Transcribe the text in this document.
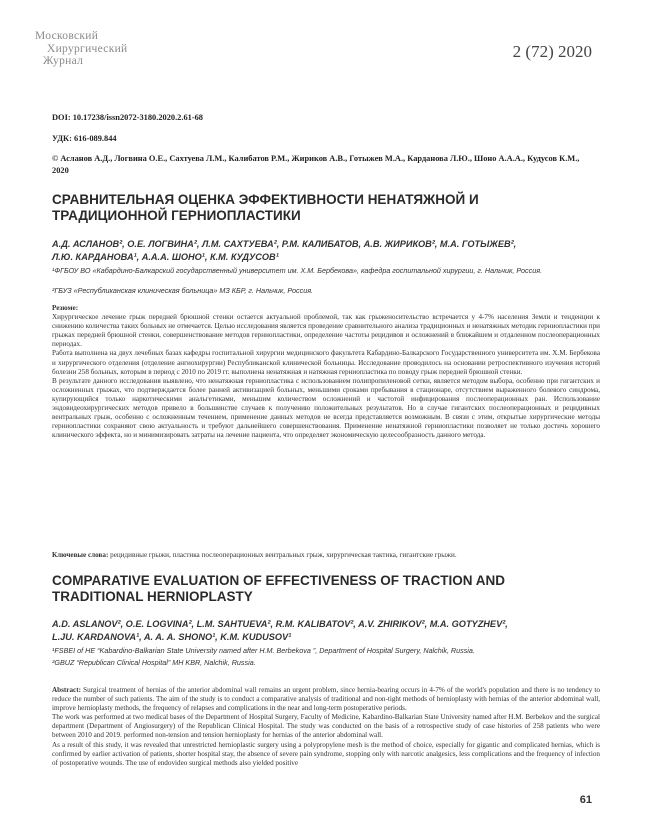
Московский
Хирургический
Журнал	2 (72) 2020
DOI: 10.17238/issn2072-3180.2020.2.61-68
УДК: 616-089.844
© Асланов А.Д., Логвина О.Е., Сахтуева Л.М., Калибатов Р.М., Жириков А.В., Готыжев М.А., Карданова Л.Ю., Шоно А.А.А., Кудусов К.М., 2020
СРАВНИТЕЛЬНАЯ ОЦЕНКА ЭФФЕКТИВНОСТИ НЕНАТЯЖНОЙ И ТРАДИЦИОННОЙ ГЕРНИОПЛАСТИКИ
А.Д. АСЛАНОВ², О.Е. ЛОГВИНА², Л.М. САХТУЕВА², Р.М. КАЛИБАТОВ, А.В. ЖИРИКОВ², М.А. ГОТЫЖЕВ²,
Л.Ю. КАРДАНОВА¹, А.А.А. ШОНО¹, К.М. КУДУСОВ¹
¹ФГБОУ ВО «Кабардино-Балкарский государственный университет им. Х.М. Бербекова», кафедра госпитальной хирургии, г. Нальчик, Россия.
²ГБУЗ «Республиканская клиническая больница» МЗ КБР, г. Нальчик, Россия.

Резюме:

Хирургическое лечение грыж передней брюшной стенки остается актуальной проблемой, так как грыженосительство встречается у 4-7% населения Земли и тенденции к снижению количества таких больных не отмечается. Целью исследования является проведение сравнительного анализа традиционных и ненатяжных методик герниопластики при грыжах передней брюшной стенки, совершенствование методов герниопластики, определение частоты рецидивов и осложнений в ближайшем и отдаленном послеоперационных периодах.

Работа выполнена на двух лечебных базах кафедры госпитальной хирургии медицинского факультета Кабардино-Балкарского Государственного университета им. Х.М. Бербекова и хирургического отделения (отделение ангиохирургии) Республиканской клинической больницы. Исследование проводилось на основании ретроспективного изучения историй болезни 258 больных, которым в период с 2010 по 2019 гг. выполнена ненатяжная и натяжная герниопластика по поводу грыж передней брюшной стенки.

В результате данного исследования выявлено, что ненатяжная герниопластика с использованием полипропиленовой сетки, является методом выбора, особенно при гигантских и осложненных грыжах, что подтверждается более ранней активизацией больных, меньшими сроками пребывания в стационаре, отсутствием выраженного болевого синдрома, купирующийся только наркотическими анальгетиками, меньшим количеством осложнений и частотой инфицирования послеоперационных ран. Использование эндовидеохирургических методов привело в большинстве случаев к получению положительных результатов. Но в случае гигантских послеоперационных и рецидивных вентральных грыж, особенно с осложненным течением, применение данных методов не всегда представляется возможным. В связи с этим, открытые хирургические методы герниопластики сохраняют свою актуальность и требуют дальнейшего совершенствования. Применение ненатяжной герниопластики позволяет не только достичь хорошего клинического эффекта, но и минимизировать затраты на лечение пациента, что определяет экономическую целесообразность данного метода.

Ключевые слова: рецидивные грыжи, пластика послеоперационных вентральных грыж, хирургическая тактика, гигантские грыжи.
COMPARATIVE EVALUATION OF EFFECTIVENESS OF TRACTION AND TRADITIONAL HERNIOPLASTY
A.D. ASLANOV², O.E. LOGVINA², L.M. SAHTUEVA², R.M. KALIBATOV², A.V. ZHIRIKOV², M.A. GOTYZHEV²,
L.JU. KARDANOVA¹, A. A. A. SHONO¹, K.M. KUDUSOV¹
¹FSBEI of HE “Kabardino-Balkarian State University named after H.M. Berbekova ”, Department of Hospital Surgery, Nalchik, Russia.
²GBUZ “Republican Clinical Hospital” MH KBR, Nalchik, Russia.

Abstract: Surgical treatment of hernias of the anterior abdominal wall remains an urgent problem, since hernia-bearing occurs in 4-7% of the world's population and there is no tendency to reduce the number of such patients. The aim of the study is to conduct a comparative analysis of traditional and non-tight methods of hernioplasty with hernias of the anterior abdominal wall, improve hernioplasty methods, the frequency of relapses and complications in the near and long-term postoperative periods.

The work was performed at two medical bases of the Department of Hospital Surgery, Faculty of Medicine, Kabardino-Balkarian State University named after H.M. Berbekov and the surgical department (Department of Angiosurgery) of the Republican Clinical Hospital. The study was conducted on the basis of a retrospective study of case histories of 258 patients who were between 2010 and 2019. performed non-tension and tension hernioplasty for hernias of the anterior abdominal wall.

As a result of this study, it was revealed that unrestricted hernioplastic surgery using a polypropylene mesh is the method of choice, especially for gigantic and complicated hernias, which is confirmed by earlier activation of patients, shorter hospital stay, the absence of severe pain syndrome, stopping only with narcotic analgesics, less complications and the frequency of infection of postoperative wounds. The use of endovideo surgical methods also yielded positive

61
